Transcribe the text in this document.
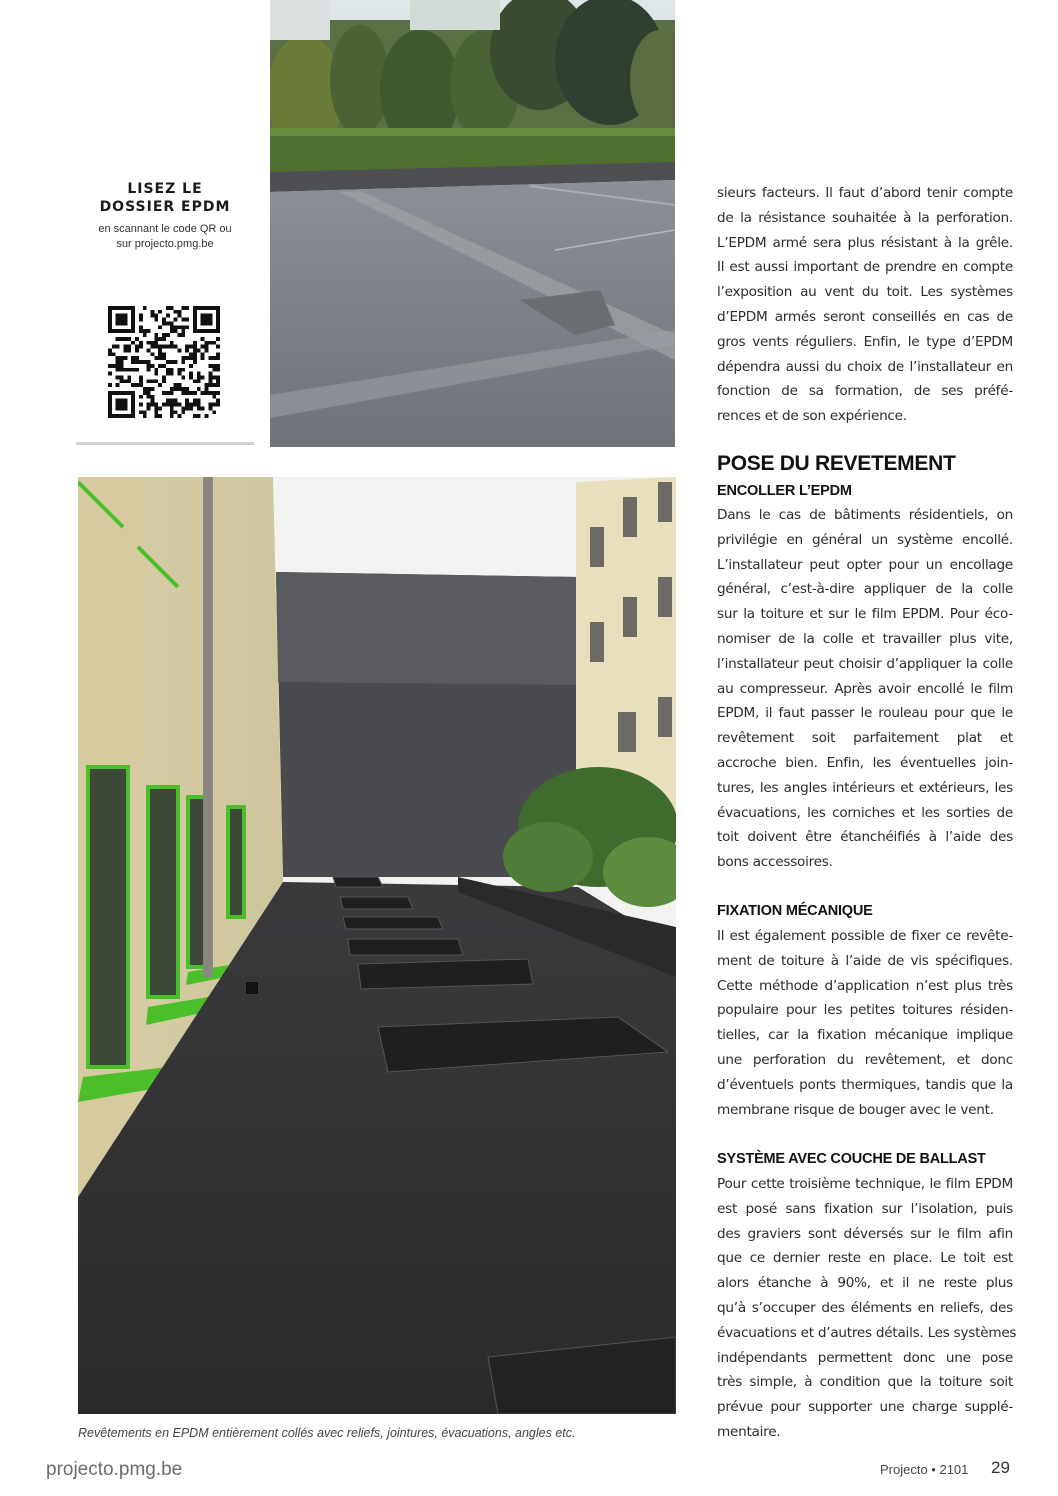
LISEZ LE
DOSSIER EPDM
en scannant le code QR ou
sur projecto.pmg.be
Revêtements en EPDM entièrement collés avec reliefs, jointures, évacuations, angles etc.
sieurs facteurs. Il faut d’abord tenir compte
de la résistance souhaitée à la perforation.
L’EPDM armé sera plus résistant à la grêle.
Il est aussi important de prendre en compte
l’exposition au vent du toit. Les systèmes
d’EPDM armés seront conseillés en cas de
gros vents réguliers. Enfin, le type d’EPDM
dépendra aussi du choix de l’installateur en
fonction de sa formation, de ses préfé-
rences et de son expérience.
POSE DU REVETEMENT
ENCOLLER L’EPDM
Dans le cas de bâtiments résidentiels, on
privilégie en général un système encollé.
L’installateur peut opter pour un encollage
général, c’est-à-dire appliquer de la colle
sur la toiture et sur le film EPDM. Pour éco-
nomiser de la colle et travailler plus vite,
l’installateur peut choisir d’appliquer la colle
au compresseur. Après avoir encollé le film
EPDM, il faut passer le rouleau pour que le
revêtement soit parfaitement plat et
accroche bien. Enfin, les éventuelles join-
tures, les angles intérieurs et extérieurs, les
évacuations, les corniches et les sorties de
toit doivent être étanchéifiés à l’aide des
bons accessoires.
FIXATION MÉCANIQUE
Il est également possible de fixer ce revête-
ment de toiture à l’aide de vis spécifiques.
Cette méthode d’application n’est plus très
populaire pour les petites toitures résiden-
tielles, car la fixation mécanique implique
une perforation du revêtement, et donc
d’éventuels ponts thermiques, tandis que la
membrane risque de bouger avec le vent.
SYSTÈME AVEC COUCHE DE BALLAST
Pour cette troisième technique, le film EPDM
est posé sans fixation sur l’isolation, puis
des graviers sont déversés sur le film afin
que ce dernier reste en place. Le toit est
alors étanche à 90%, et il ne reste plus
qu’à s’occuper des éléments en reliefs, des
évacuations et d’autres détails. Les systèmes
indépendants permettent donc une pose
très simple, à condition que la toiture soit
prévue pour supporter une charge supplé-
mentaire.
projecto.pmg.be	Projecto • 2101 29
